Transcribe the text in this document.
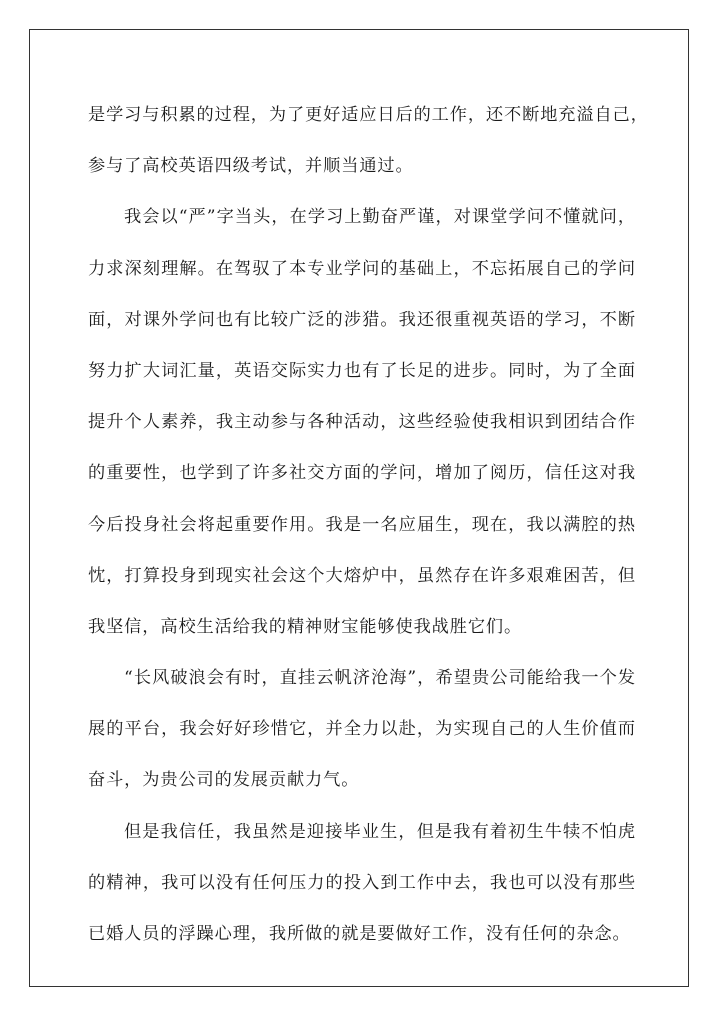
是学习与积累的过程，为了更好适应日后的工作，还不断地充溢自己，
参与了高校英语四级考试，并顺当通过。
我会以“严”字当头，在学习上勤奋严谨，对课堂学问不懂就问，
力求深刻理解。在驾驭了本专业学问的基础上，不忘拓展自己的学问
面，对课外学问也有比较广泛的涉猎。我还很重视英语的学习，不断
努力扩大词汇量，英语交际实力也有了长足的进步。同时，为了全面
提升个人素养，我主动参与各种活动，这些经验使我相识到团结合作
的重要性，也学到了许多社交方面的学问，增加了阅历，信任这对我
今后投身社会将起重要作用。我是一名应届生，现在，我以满腔的热
忱，打算投身到现实社会这个大熔炉中，虽然存在许多艰难困苦，但
我坚信，高校生活给我的精神财宝能够使我战胜它们。
“长风破浪会有时，直挂云帆济沧海”，希望贵公司能给我一个发
展的平台，我会好好珍惜它，并全力以赴，为实现自己的人生价值而
奋斗，为贵公司的发展贡献力气。
但是我信任，我虽然是迎接毕业生，但是我有着初生牛犊不怕虎
的精神，我可以没有任何压力的投入到工作中去，我也可以没有那些
已婚人员的浮躁心理，我所做的就是要做好工作，没有任何的杂念。
